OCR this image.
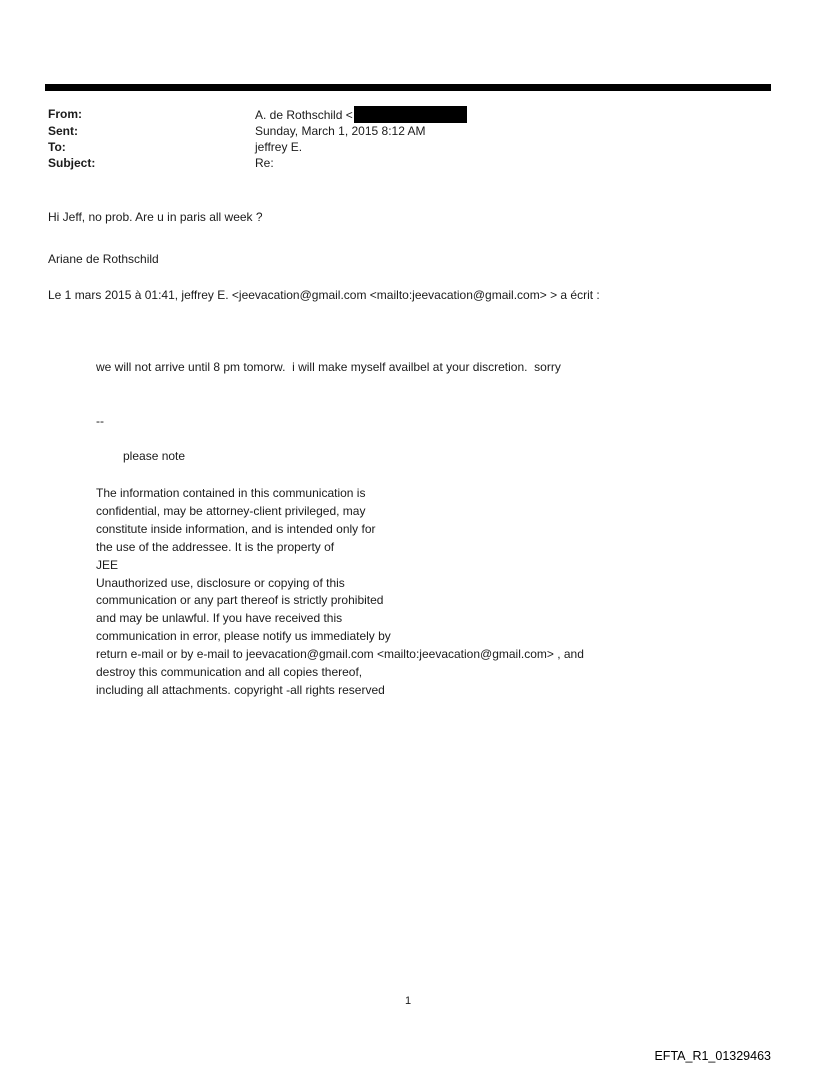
From:	A. de Rothschild <
Sent:	Sunday, March 1, 2015 8:12 AM
To:	jeffrey E.
Subject:	Re:
Hi Jeff, no prob. Are u in paris all week ?
Ariane de Rothschild
Le 1 mars 2015 à 01:41, jeffrey E. <jeevacation@gmail.com <mailto:jeevacation@gmail.com> > a écrit :
we will not arrive until 8 pm tomorw.  i will make myself availbel at your discretion.  sorry
--
please note
The information contained in this communication is
confidential, may be attorney-client privileged, may
constitute inside information, and is intended only for
the use of the addressee. It is the property of
JEE
Unauthorized use, disclosure or copying of this
communication or any part thereof is strictly prohibited
and may be unlawful. If you have received this
communication in error, please notify us immediately by
return e-mail or by e-mail to jeevacation@gmail.com <mailto:jeevacation@gmail.com> , and
destroy this communication and all copies thereof,
including all attachments. copyright -all rights reserved
1
EFTA_R1_01329463
